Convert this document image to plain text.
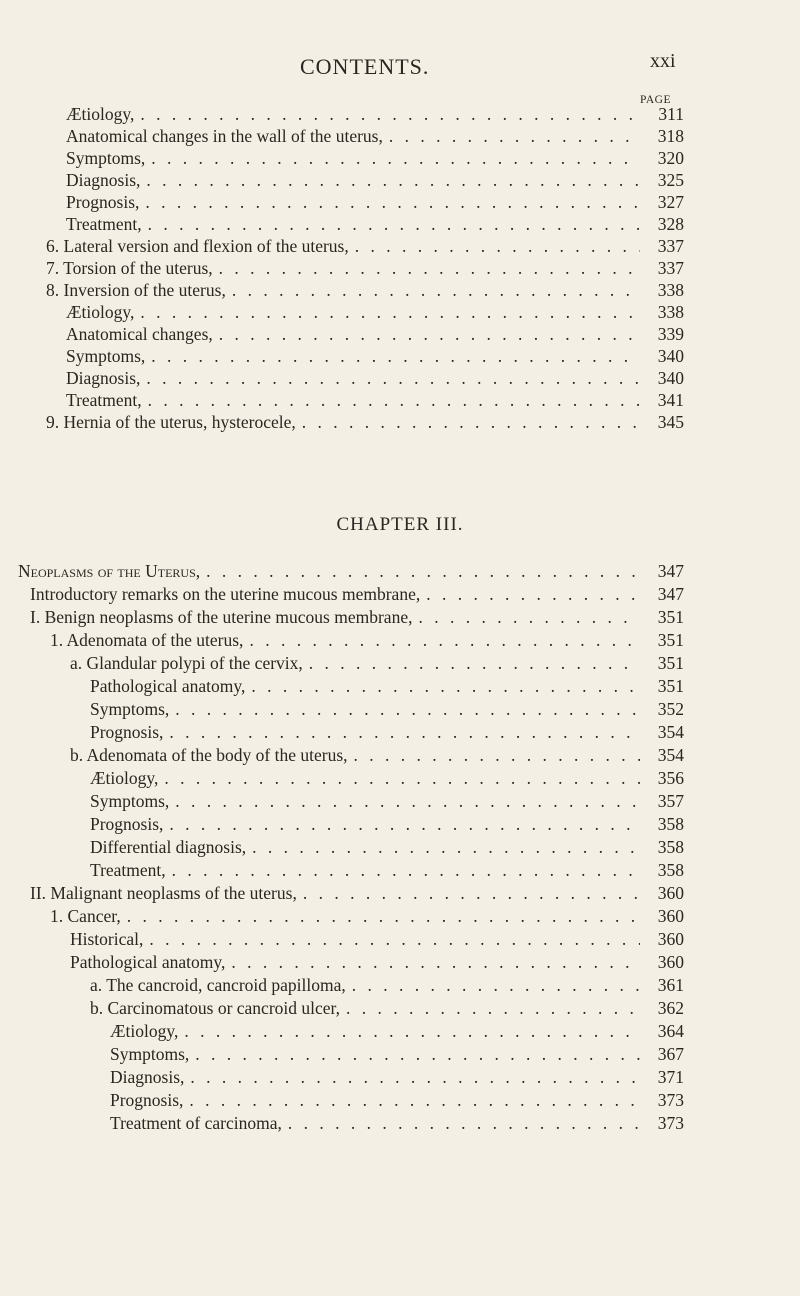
CONTENTS.	xxi
PAGE
Ætiology, . . .	311
Anatomical changes in the wall of the uterus, . . .	318
Symptoms, . . .	320
Diagnosis, . . .	325
Prognosis, . . .	327
Treatment, . . .	328
6. Lateral version and flexion of the uterus, . . .	337
7. Torsion of the uterus, . . .	337
8. Inversion of the uterus, . . .	338
Ætiology, . . .	338
Anatomical changes, . . .	339
Symptoms, . . .	340
Diagnosis, . . .	340
Treatment, . . .	341
9. Hernia of the uterus, hysterocele, . . .	345
CHAPTER III.
Neoplasms of the Uterus, . . .	347
Introductory remarks on the uterine mucous membrane, . . .	347
I. Benign neoplasms of the uterine mucous membrane, . . .	351
1. Adenomata of the uterus, . . .	351
a. Glandular polypi of the cervix, . . .	351
Pathological anatomy, . . .	351
Symptoms, . . .	352
Prognosis, . . .	354
b. Adenomata of the body of the uterus, . . .	354
Ætiology, . . .	356
Symptoms, . . .	357
Prognosis, . . .	358
Differential diagnosis, . . .	358
Treatment, . . .	358
II. Malignant neoplasms of the uterus, . . .	360
1. Cancer, . . .	360
Historical, . . .	360
Pathological anatomy, . . .	360
a. The cancroid, cancroid papilloma, . . .	361
b. Carcinomatous or cancroid ulcer, . . .	362
Ætiology, . . .	364
Symptoms, . . .	367
Diagnosis, . . .	371
Prognosis, . . .	373
Treatment of carcinoma, . . .	373
